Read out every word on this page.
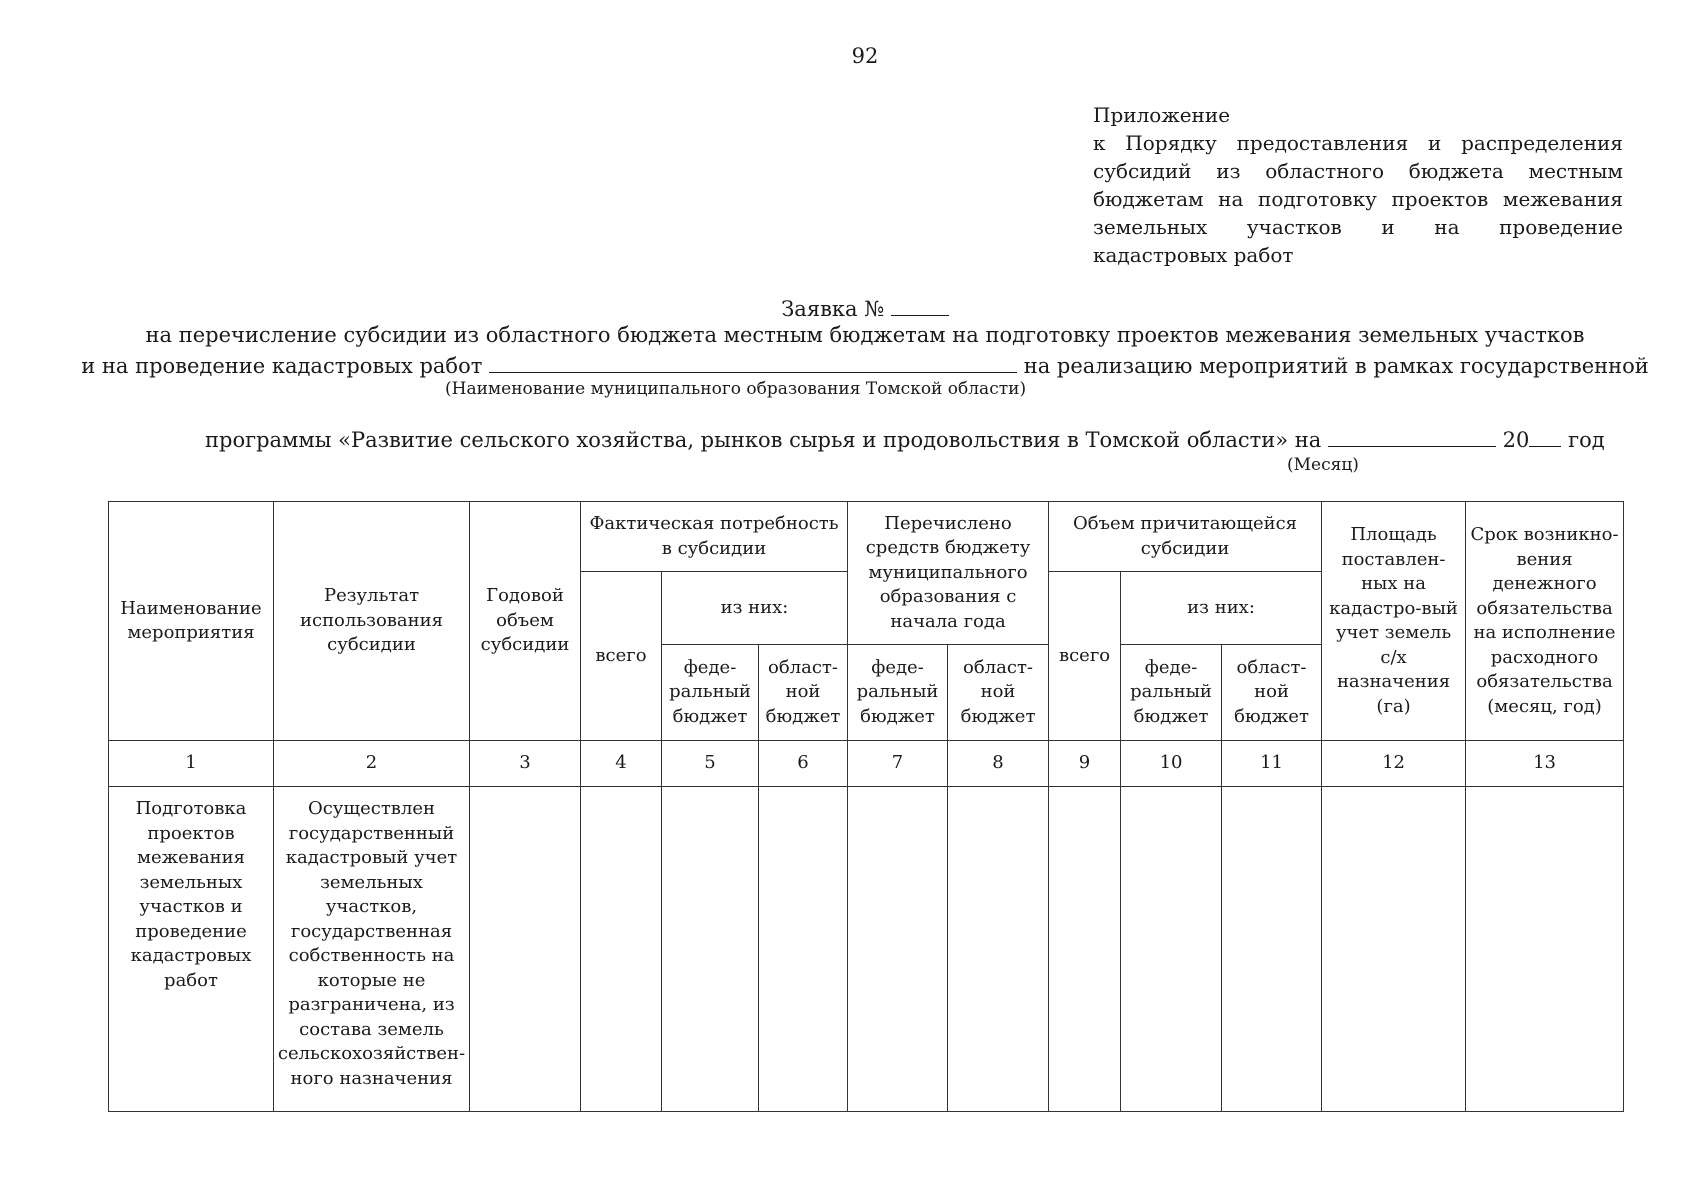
92
Приложение
к Порядку предоставления и распределения субсидий из областного бюджета местным бюджетам на подготовку проектов межевания земельных участков и на проведение кадастровых работ
Заявка №
на перечисление субсидии из областного бюджета местным бюджетам на подготовку проектов межевания земельных участков
и на проведение кадастровых работ	на реализацию мероприятий в рамках государственной
(Наименование муниципального образования Томской области)
программы «Развитие сельского хозяйства, рынков сырья и продовольствия в Томской области» на	20 год
(Месяц)
Наименование мероприятия	Результат использования субсидии	Годовой объем субсидии	Фактическая потребность в субсидии			Перечислено средств бюджету муниципального образования с начала года		Объем причитающейся субсидии			Площадь поставлен-ных на кадастро-вый учет земель с/х назначения (га)	Срок возникно-вения денежного обязательства на исполнение расходного обязательства (месяц, год)
			всего	из них:				всего	из них:			
				феде-ральный бюджет	област-ной бюджет	феде-ральный бюджет	област-ной бюджет		феде-ральный бюджет	област-ной бюджет		
1	2	3	4	5	6	7	8	9	10	11	12	13
Подготовка проектов межевания земельных участков и проведение кадастровых работ	Осуществлен государственный кадастровый учет земельных участков, государственная собственность на которые не разграничена, из состава земель сельскохозяйствен-ного назначения											
